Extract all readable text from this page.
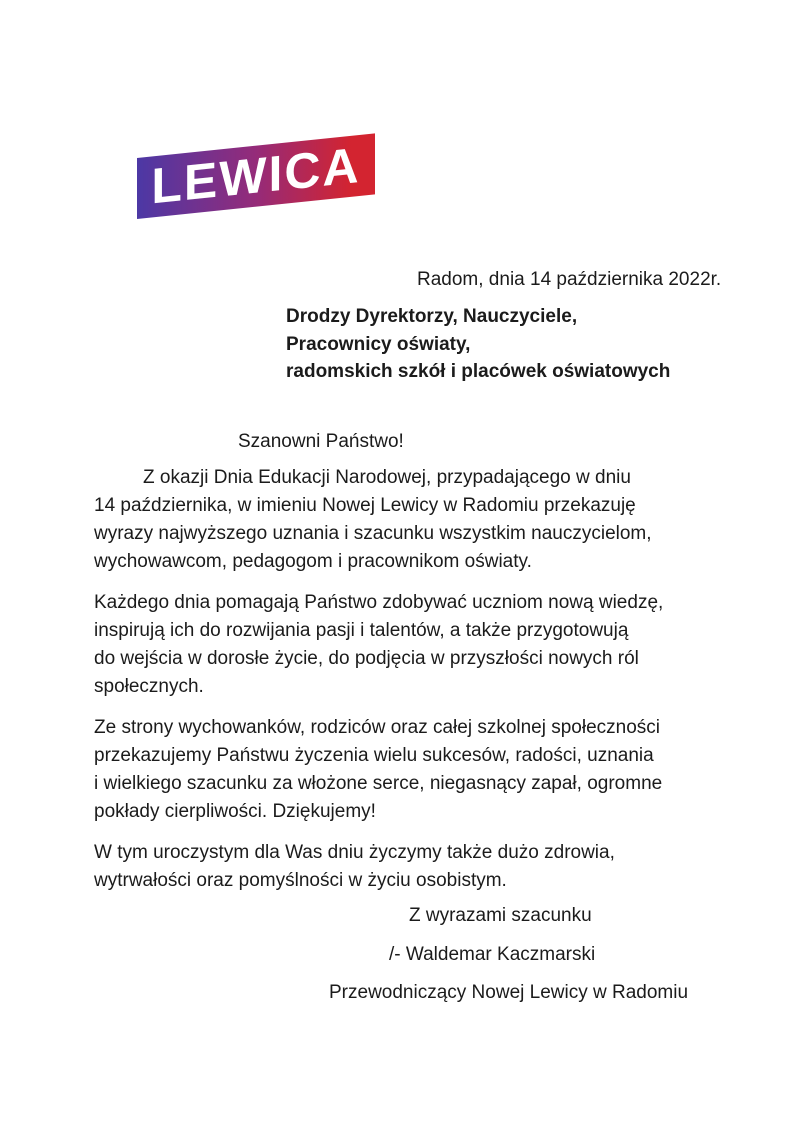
LEWICA
Radom, dnia 14 października 2022r.
Drodzy Dyrektorzy, Nauczyciele,
Pracownicy oświaty,
radomskich szkół i placówek oświatowych
Szanowni Państwo!
Z okazji Dnia Edukacji Narodowej, przypadającego w dniu
14 października, w imieniu Nowej Lewicy w Radomiu przekazuję
wyrazy najwyższego uznania i szacunku wszystkim nauczycielom,
wychowawcom, pedagogom i pracownikom oświaty.
Każdego dnia pomagają Państwo zdobywać uczniom nową wiedzę,
inspirują ich do rozwijania pasji i talentów, a także przygotowują
do wejścia w dorosłe życie, do podjęcia w przyszłości nowych ról
społecznych.
Ze strony wychowanków, rodziców oraz całej szkolnej społeczności
przekazujemy Państwu życzenia wielu sukcesów, radości, uznania
i wielkiego szacunku za włożone serce, niegasnący zapał, ogromne
pokłady cierpliwości. Dziękujemy!
W tym uroczystym dla Was dniu życzymy także dużo zdrowia,
wytrwałości oraz pomyślności w życiu osobistym.
Z wyrazami szacunku
/- Waldemar Kaczmarski
Przewodniczący Nowej Lewicy w Radomiu
